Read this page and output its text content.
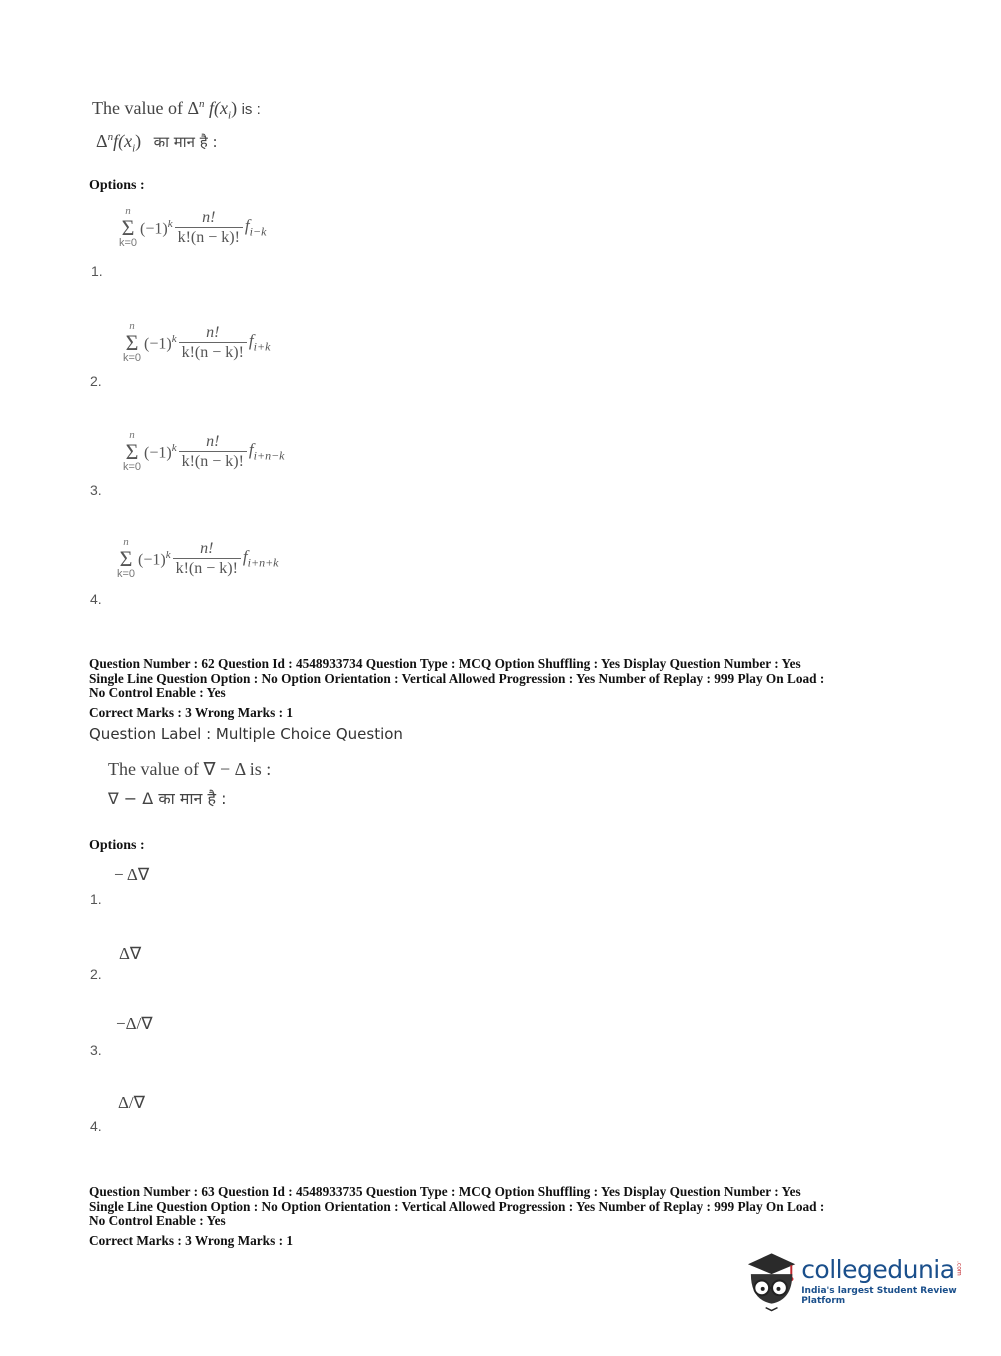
The value of $\Delta^n$ $f(x_i)$ is :
$\Delta^nf(x_i)$ का मान है :
Options :
n
Σ
k=0
$(-1)^k \frac{n!}{k!(n - k)!} f_{i-k}$
1.
n
Σ
k=0
$(-1)^k \frac{n!}{k!(n - k)!} f_{i+k}$
2.
n
Σ
k=0
$(-1)^k \frac{n!}{k!(n - k)!} f_{i+n-k}$
3.
n
Σ
k=0
$(-1)^k \frac{n!}{k!(n - k)!} f_{i+n+k}$
4.
Question Number : 62 Question Id : 4548933734 Question Type : MCQ Option Shuffling : Yes Display Question Number : Yes
Single Line Question Option : No Option Orientation : Vertical Allowed Progression : Yes Number of Replay : 999 Play On Load :
No Control Enable : Yes
Correct Marks : 3 Wrong Marks : 1
Question Label : Multiple Choice Question
The value of ∇ − Δ is :
∇ − Δ का मान है :
Options :
− Δ∇
1.
Δ∇
2.
−Δ/∇
3.
Δ/∇
4.
Question Number : 63 Question Id : 4548933735 Question Type : MCQ Option Shuffling : Yes Display Question Number : Yes
Single Line Question Option : No Option Orientation : Vertical Allowed Progression : Yes Number of Replay : 999 Play On Load :
No Control Enable : Yes
Correct Marks : 3 Wrong Marks : 1
collegedunia .com
India's largest Student Review Platform
